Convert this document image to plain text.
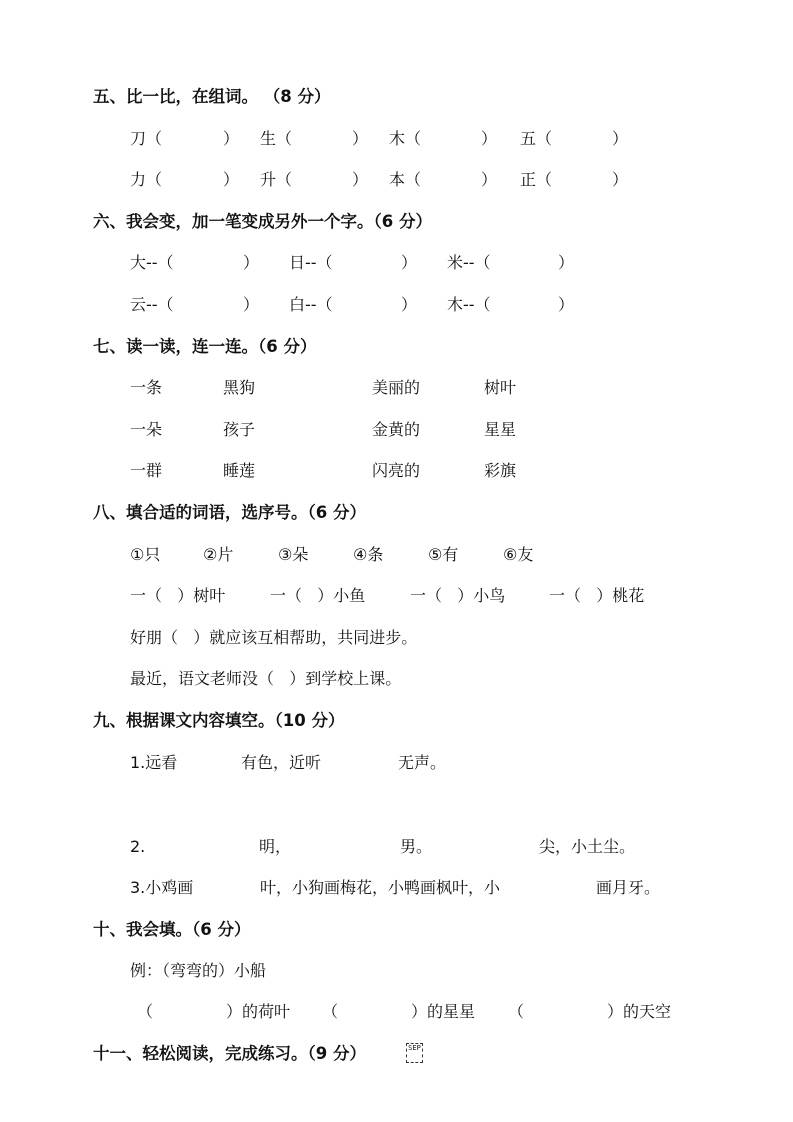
五、比一比，在组词。 （8 分）
刀（	） 生（	） 木（	） 五（	）
力（	） 升（	） 本（	） 正（	）
六、我会变，加一笔变成另外一个字。（6 分）
大--（	） 日--（	） 米--（	）
云--（	） 白--（	） 木--（	）
七、读一读，连一连。（6 分）
一条	黑狗	美丽的	树叶
一朵	孩子	金黄的	星星
一群	睡莲	闪亮的	彩旗
八、填合适的词语，选序号。（6 分）
①只	②片	③朵	④条	⑤有	⑥友
一（   ）树叶	一（   ）小鱼	一（   ）小鸟	一（   ）桃花
好朋（   ）就应该互相帮助，共同进步。
最近，语文老师没（   ）到学校上课。
九、根据课文内容填空。（10 分）
1.远看	有色，近听	无声。
2.	明，	男。	尖，小土尘。
3.小鸡画	叶，小狗画梅花，小鸭画枫叶，小	画月牙。
十、我会填。（6 分）
例：（弯弯的）小船
（	）的荷叶 （	）的星星 （	）的天空
十一、轻松阅读，完成练习。（9 分）	SEP
